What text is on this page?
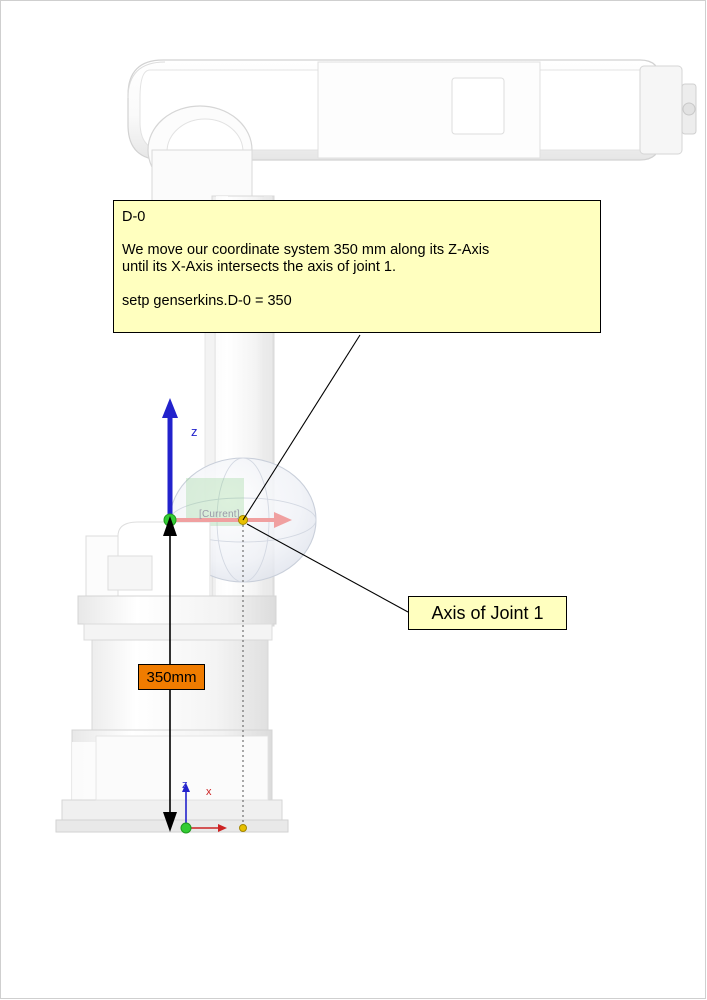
D-0
We move our coordinate system 350 mm along its Z-Axis
until its X-Axis intersects the axis of joint 1.
setp genserkins.D-0 = 350
Axis of Joint 1
350mm
z
z
x
[Current]
